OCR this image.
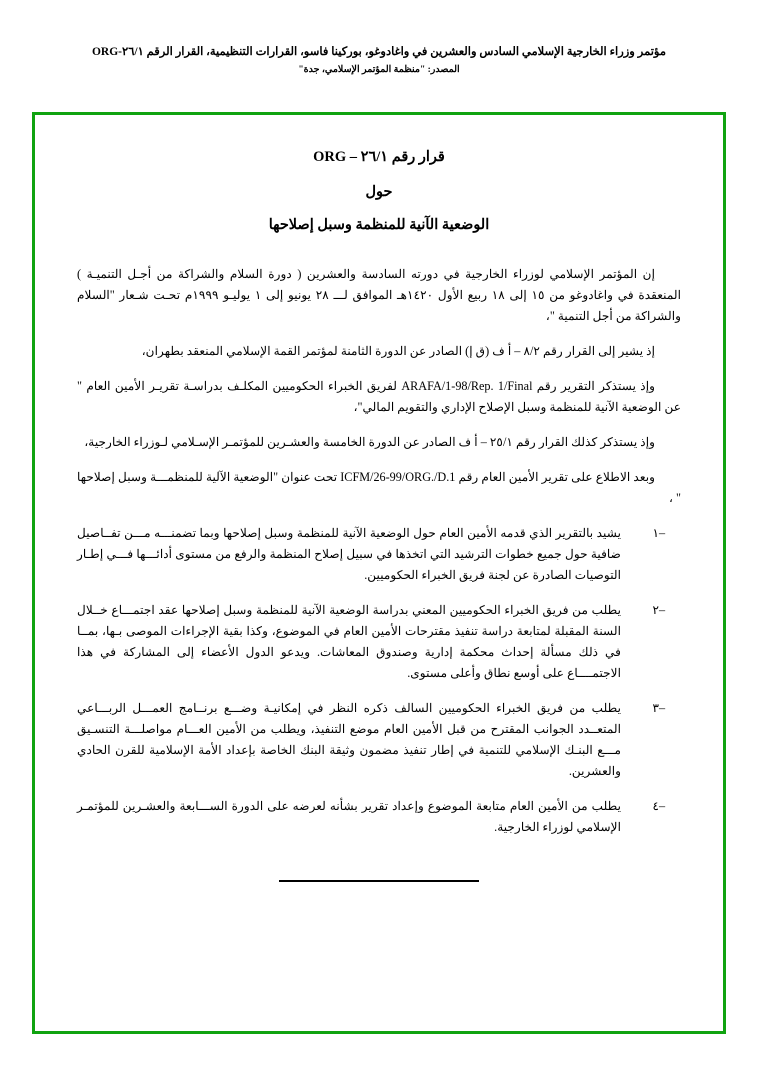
مؤتمر وزراء الخارجية الإسلامي السادس والعشرين في واغادوغو، بوركينا فاسو، القرارات التنظيمية، القرار الرقم ٢٦/١-ORG
المصدر: "منظمة المؤتمر الإسلامي، جدة"
قرار رقم ٢٦/١ – ORG
حول
الوضعية الآنية للمنظمة وسبل إصلاحها

إن المؤتمر الإسلامي لوزراء الخارجية في دورته السادسة والعشرين ( دورة السلام والشراكة من أجـل التنميـة ) المنعقدة في واغادوغو من ١٥ إلى ١٨ ربيع الأول ١٤٢٠هـ الموافق لـــ ٢٨ يونيو إلى ١ يوليـو ١٩٩٩م تحـت شـعار "السلام والشراكة من أجل التنمية "،

إذ يشير إلى القرار رقم ٨/٢ – أ ف (ق إ) الصادر عن الدورة الثامنة لمؤتمر القمة الإسلامي المنعقد بطهران،

وإذ يستذكر التقرير رقم ARAFA/1-98/Rep. 1/Final لفريق الخبراء الحكوميين المكلـف بدراسـة تقريـر الأمين العام " عن الوضعية الآنية للمنظمة وسبل الإصلاح الإداري والتقويم المالي"،

وإذ يستذكر كذلك القرار رقم ٢٥/١ – أ ف الصادر عن الدورة الخامسة والعشـرين للمؤتمـر الإسـلامي لـوزراء الخارجية،

وبعد الاطلاع على تقرير الأمين العام رقم ICFM/26-99/ORG./D.1 تحت عنوان "الوضعية الآلية للمنظمـــة وسبل إصلاحها " ،

–١
يشيد بالتقرير الذي قدمه الأمين العام حول الوضعية الآنية للمنظمة وسبل إصلاحها وبما تضمنـــه مـــن تفــاصيل ضافية حول جميع خطوات الترشيد التي اتخذها في سبيل إصلاح المنظمة والرفع من مستوى أدائـــها فـــي إطـار التوصيات الصادرة عن لجنة فريق الخبراء الحكوميين.
–٢
يطلب من فريق الخبراء الحكوميين المعني بدراسة الوضعية الآنية للمنظمة وسبل إصلاحها عقد اجتمـــاع خــلال السنة المقبلة لمتابعة دراسة تنفيذ مقترحات الأمين العام في الموضوع، وكذا بقية الإجراءات الموصى بـها، بمــا في ذلك مسألة إحداث محكمة إدارية وصندوق المعاشات. ويدعو الدول الأعضاء إلى المشاركة في هذا الاجتمــــاع على أوسع نطاق وأعلى مستوى.
–٣
يطلب من فريق الخبراء الحكوميين السالف ذكره النظر في إمكانيـة وضـــع برنــامج العمـــل الربـــاعي المتعــدد الجوانب المقترح من قبل الأمين العام موضع التنفيذ، ويطلب من الأمين العـــام مواصلـــة التنسـيق مـــع البنـك الإسلامي للتنمية في إطار تنفيذ مضمون وثيقة البنك الخاصة بإعداد الأمة الإسلامية للقرن الحادي والعشرين.
–٤
يطلب من الأمين العام متابعة الموضوع وإعداد تقرير بشأنه لعرضه على الدورة الســـابعة والعشـرين للمؤتمـر الإسلامي لوزراء الخارجية.
